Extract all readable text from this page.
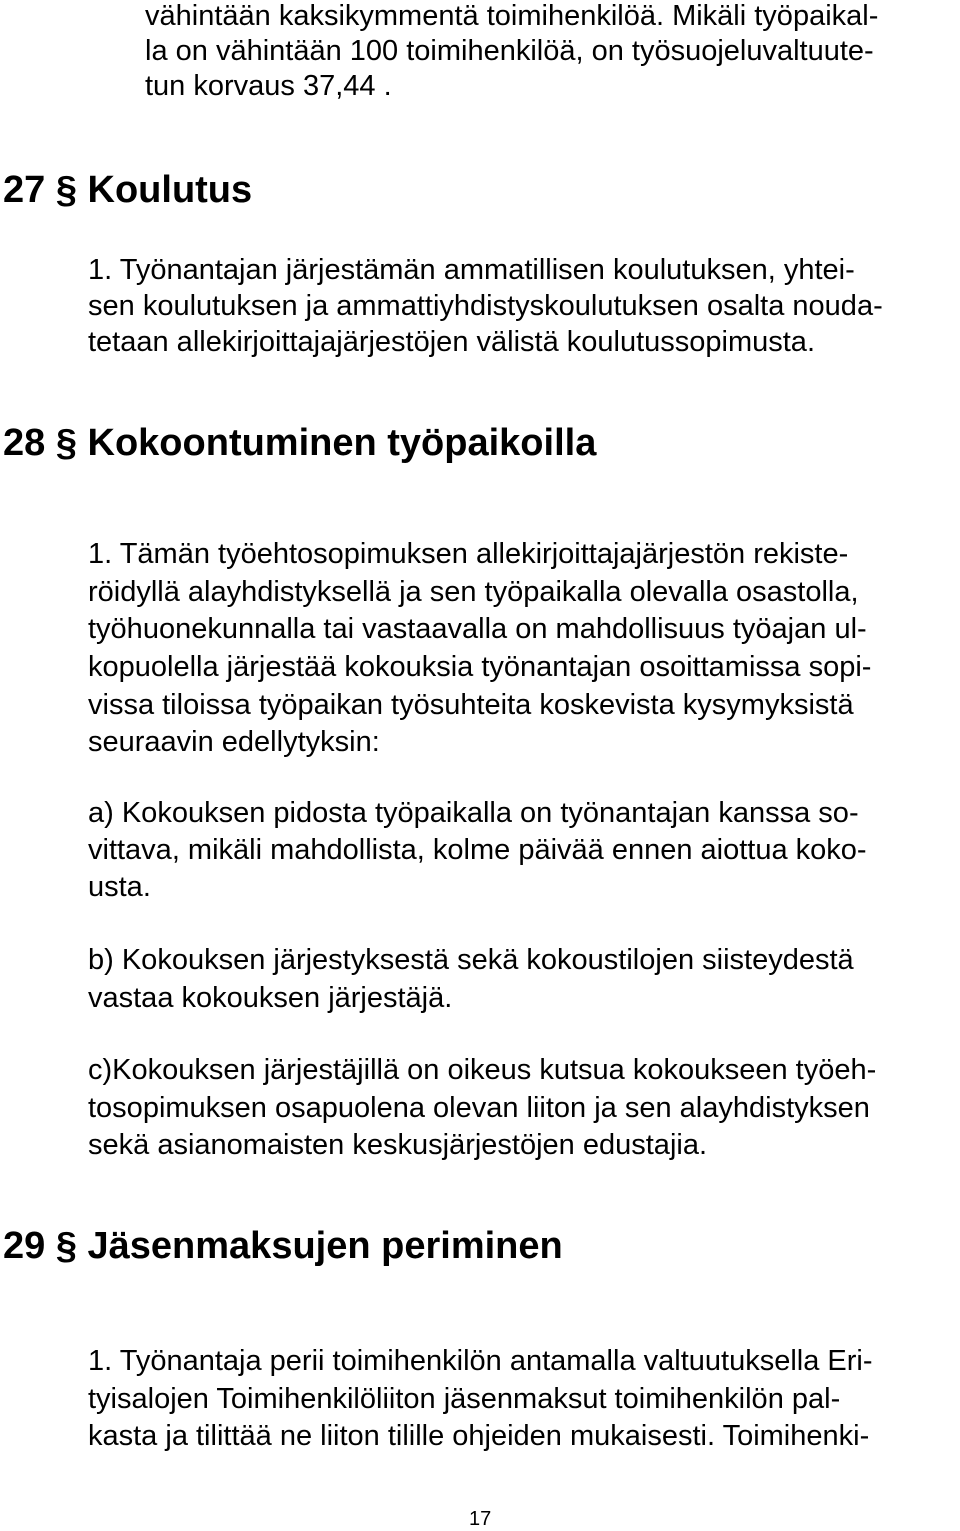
vähintään kaksikymmentä toimihenkilöä. Mikäli työpaikal-
la on vähintään 100 toimihenkilöä, on työsuojeluvaltuute-
tun korvaus 37,44 .
27 § Koulutus
1. Työnantajan järjestämän ammatillisen koulutuksen, yhtei-
sen koulutuksen ja ammattiyhdistyskoulutuksen osalta nouda-
tetaan allekirjoittajajärjestöjen välistä koulutussopimusta.
28 § Kokoontuminen työpaikoilla
1. Tämän työehtosopimuksen allekirjoittajajärjestön rekiste-
röidyllä alayhdistyksellä ja sen työpaikalla olevalla osastolla,
työhuonekunnalla tai vastaavalla on mahdollisuus työajan ul-
kopuolella järjestää kokouksia työnantajan osoittamissa sopi-
vissa tiloissa työpaikan työsuhteita koskevista kysymyksistä
seuraavin edellytyksin:
a) Kokouksen pidosta työpaikalla on työnantajan kanssa so-
vittava, mikäli mahdollista, kolme päivää ennen aiottua koko-
usta.
b) Kokouksen järjestyksestä sekä kokoustilojen siisteydestä
vastaa kokouksen järjestäjä.
c)Kokouksen järjestäjillä on oikeus kutsua kokoukseen työeh-
tosopimuksen osapuolena olevan liiton ja sen alayhdistyksen
sekä asianomaisten keskusjärjestöjen edustajia.
29 § Jäsenmaksujen periminen
1. Työnantaja perii toimihenkilön antamalla valtuutuksella Eri-
tyisalojen Toimihenkilöliiton jäsenmaksut toimihenkilön pal-
kasta ja tilittää ne liiton tilille ohjeiden mukaisesti. Toimihenki-
17
